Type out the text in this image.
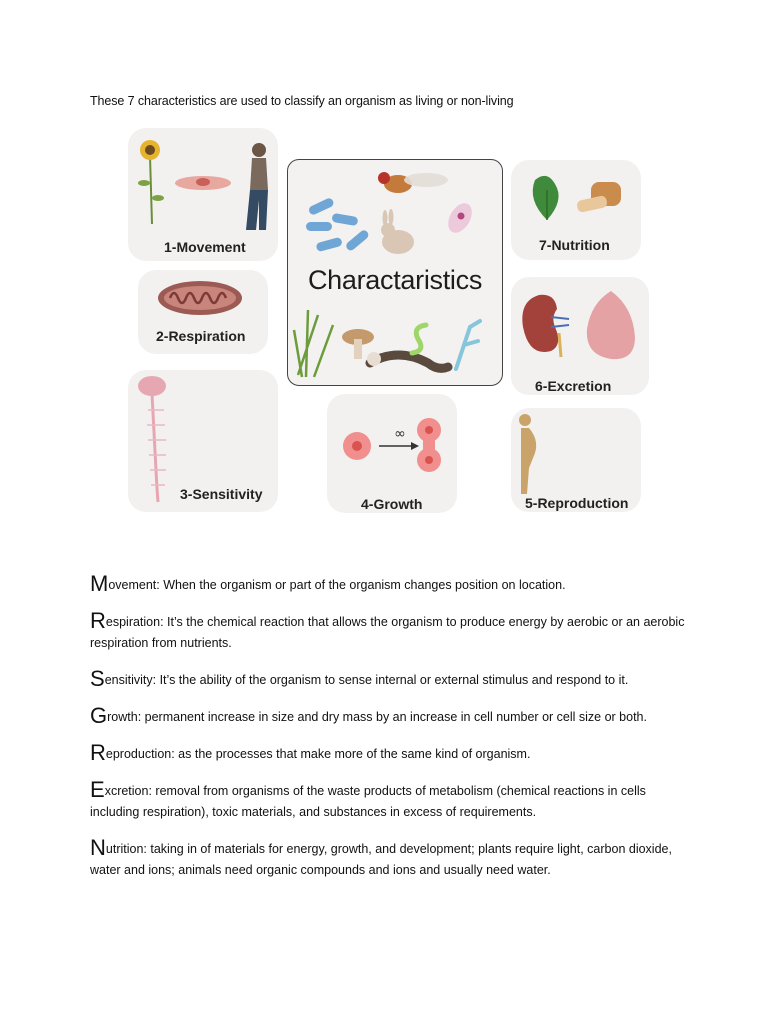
These 7 characteristics are used to classify an organism as living or non-living
1-Movement
2-Respiration
3-Sensitivity
Charactaristics
7-Nutrition
6-Excretion
5-Reproduction
∞
4-Growth

Movement: When the organism or part of the organism changes position on location.

Respiration: It’s the chemical reaction that allows the organism to produce energy by aerobic or an aerobic respiration from nutrients.

Sensitivity: It’s the ability of the organism to sense internal or external stimulus and respond to it.

Growth: permanent increase in size and dry mass by an increase in cell number or cell size or both.

Reproduction: as the processes that make more of the same kind of organism.

Excretion: removal from organisms of the waste products of metabolism (chemical reactions in cells including respiration), toxic materials, and substances in excess of requirements.

Nutrition: taking in of materials for energy, growth, and development; plants require light, carbon dioxide, water and ions; animals need organic compounds and ions and usually need water.
